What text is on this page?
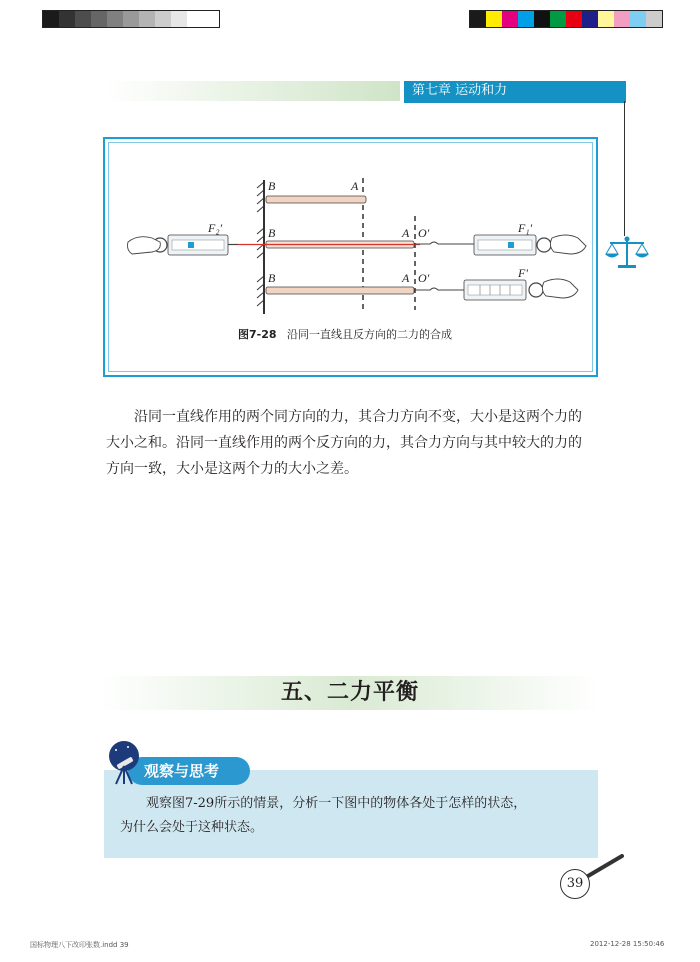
第七章 运动和力
B	A
B	A O′
F₂′	F₁′
B	A O′	F′
图7-28 沿同一直线且反方向的二力的合成

沿同一直线作用的两个同方向的力，其合力方向不变，大小是这两个力的

大小之和。沿同一直线作用的两个反方向的力，其合力方向与其中较大的力的

方向一致，大小是这两个力的大小之差。

五、二力平衡
观察与思考

观察图7-29所示的情景，分析一下图中的物体各处于怎样的状态，

为什么会处于这种状态。

39
国标物理八下改印张数.indd 39	2012-12-28 15:50:46
